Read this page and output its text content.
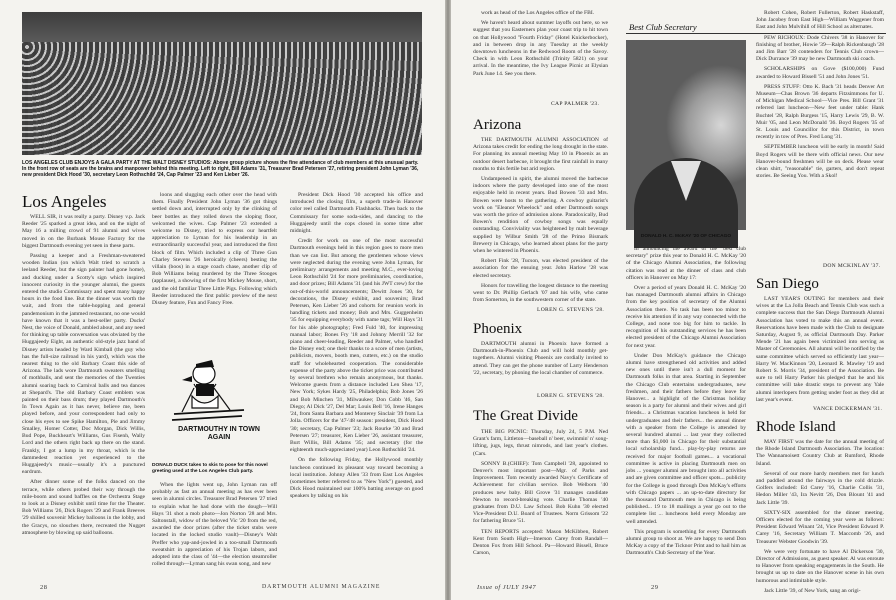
LOS ANGELES CLUB ENJOYS A GALA PARTY AT THE WALT DISNEY STUDIOS: Above group picture shows the fine attendance of club members at this unusual party. In the front row of seats are the brains and manpower behind this meeting. Left to right, Bill Adams '31, Treasurer Brad Petersen '27, retiring president John Lyman '36, new president Dick Hood '30, secretary Leon Rothschild '24, Cap Palmer '23 and Ken Lieber '26.
Los Angeles

WELL SIR, it was really a party. Disney v.p. Jack Reeder '25 sparked a great idea, and on the night of May 16 a milling crowd of 91 alumni and wives moved in on the Burbank Mouse Factory for the biggest Dartmouth evening yet seen in these parts.

Passing a keeper and a Freshman-sweatered wooden Indian (on which Walt tried to scratch a leeland Reeder, but the sign painter had gone home), and ducking under a Scotty's sign which inspired innocent curiosity in the younger alumni, the guests entered the studio Commissary and spent many happy hours in the food line. But the dinner was worth the wait, and from the table-hopping and general pandemonium in the jammed restaurant, no one would have known that it was a best-seller party. Ducks' Nest, the voice of Donald, ambled about, and any need for thinking up table conversation was obviated by the Huggajeedy Eight, an authentic old-style jazz band of Disney artists headed by Ward Kimball (the guy who has the full-size railroad in his yard), which was the nearest thing to the old Barbary Coast this side of Arizona. The lads wore Dartmouth sweaters smelling of mothballs, and sent the memories of the Twenties alumni soaring back to Carnival balls and tea dances at Shepard's. The old Barbary Coast emblem was painted on their bass drum; they played Dartmouth's In Town Again as it has never, believe me, been played before, and your correspondent had only to close his eyes to see Spike Hamilton, Pie and Jimmy Smalley, Homer Cotter, Doc Morgan, Dick Willis, Bud Pope, Buckheart's Williams, Gus Fisenh, Wally Lord and the others right back up there on the stand. Frankly, I got a lump in my throat, which is the dammedest reaction yet experienced to the Huggajeedy's music—usually it's a punctured eardrum.

After dinner some of the folks danced on the terrace, while others probed their way through the mile-boom and sound baffles on the Orchestra Stage to look at a Disney exhibit until time for the Theater. Bob Williams '26, Dick Rogers '29 and Frank Breeves '29 shilled souvenir Mickey balloons in the lobby, and the Gracys, no slouches there, recreated the Nugget atmosphere by blowing up said balloons.

loons and slugging each other over the head with them. Finally President John Lyman '36 got things settled down and, interrupted only by the clinking of beer bottles as they rolled down the sloping floor, welcomed the wives. Cap Palmer '23 extended a welcome to Disney, tried to express our heartfelt appreciation to Lyman for his leadership in an extraordinarily successful year, and introduced the first block of film. Which included a clip of Three Gun Charley Stevens '26 heroically (cheers) besting the villain (boos) in a stage coach chase, another clip of Bob Williams being murdered by the Three Stooges (applause), a showing of the first Mickey Mouse, short, and the old familiar Three Little Pigs. Following which Reeder introduced the first public preview of the next Disney feature, Fun and Fancy Free.

DARTMOUTHY IN TOWN AGAIN
DONALD DUCK takes to skis to pose for this novel greeting used at the Los Angeles Club party.

When the lights went up, John Lyman ran off probably as fast an annual meeting as has ever been seen in alumni circles. Treasurer Brad Petersen '27 tried to explain what he had done with the dough—Will Hays '31 shot a mob photo—Jon Norton '28 and Mrs. Saltonstall, widow of the beloved Vic '20 from the red, awarded the door prizes (after the ticket stubs were located in the locked studio vault)—Disney's Walt Preffer who yap-and-jowled in a too-small Dartmouth sweatshirt in appreciation of his Trojan labors, and adopted into the class of '44—the election steamroller rolled through—Lyman sang his swan song, and new

President Dick Hood '30 accepted his office and introduced the closing film, a superb trade-in Hanover color reel called Dartmouth Flashbacks. Then back to the Commissary for some soda-sides, and dancing to the Huggajeedy until the cops closed in some time after midnight.

Credit for work on one of the most successful Dartmouth evenings held in this region goes to more men than we can list. But among the gentlemen whose views were neglected during the evening were John Lyman, for preliminary arrangements and meeting M.C., ever-loving Leon Rothschild '24 for more preliminaries, coordination, and door prizes; Bill Adams '31 (and his JWT crew) for the out-of-this-world announcements; Dewitt Jones '30, for decorations, the Disney exhibit, and souvenirs; Brad Petersen, Ken Lieber '26 and cohorts for reunion work in handling tickets and money; Bob and Mrs. Guggenheim '35 for equipping everybody with name tags; Will Hays '31 for his able photography; Fred Fuld '40, for impressing manual labor; Bones Fry '18 and Johnny Merrill '32 for piano and cheer-leading, Reeder and Palmer, who handled the Disney end; one their thanks to a score of men (artists, publicists, movers, booth men, cutters, etc.) on the studio staff for wholehearted cooperation. The considerable expense of the party above the ticket price was contributed by several brethren who remain anonymous, but thanks. Welcome guests from a distance included Len Shea '17, New York; Sykes Hardy '25, Philadelphia; Bob Jones '26 and Bob Minchen '31, Milwaukee; Don Cobb '46, San Diego; Al Dick '27, Del Mar; Louis Bell '16, Irene Hanges '24, from Santa Barbara and Monterey Sinclair '39 from La Jolla. Officers for the '47-'48 season: president, Dick Hood '30; secretary, Cap Palmer '23; Jack Rourke '30 and Brad Petersen '27; treasurer, Ken Lieber '26, assistant treasurer, Burt Willis, Bill Adams '35; and secretary (for the eighteenth much-appreciated year) Leon Rothschild '24.

On the following Friday, the Hollywood monthly luncheon continued its pleasant way toward becoming a local institution. Johnny Allen '33 from East Los Angeles (sometimes better referred to as "New York") guested, and Dick Hood maintained our 100% batting average on good speakers by talking on his

28	DARTMOUTH ALUMNI MAGAZINE

work as head of the Los Angeles office of the FBI.

We haven't heard about summer layoffs out here, so we suggest that you Easterners plan your coast trip to hit town on that Hollywood "Fourth Friday" (Hotel Knickerbocker), and in between drop in any Tuesday at the weekly downtown luncheons in the Redwood Room of the Savoy. Check in with Leon Rothschild (Trinity 5821) on your arrival. In the meantime, the Ivy League Picnic at Elysian Park June 14. See you there.

CAP PALMER '23.
Arizona

THE DARTMOUTH ALUMNI ASSOCIATION of Arizona takes credit for ending the long drought in the state. For planning its annual meeting May 10 in Phoenix as an outdoor desert barbecue, it brought the first rainfall in many months to this fertile but arid region.

Undampened in spirit, the alumni moved the barbecue indoors where the party developed into one of the most enjoyable held in recent years. Bud Bowen '33 and Mrs. Bowen were hosts to the gathering. A cowboy guitarist's work on "Eleanor Wheelock" and other Dartmouth songs was worth the price of admission alone. Paradoxically, Bud Bowen's rendition of cowboy songs was equally outstanding. Conviviality was heightened by malt beverage supplied by Wilbur Smith '28 of the Primo Bismark Brewery in Chicago, who learned about plans for the party when he wintered in Phoenix.

Robert Fink '28, Tucson, was elected president of the association for the ensuing year. John Harlow '28 was elected secretary.

Honors for travelling the longest distance to the meeting went to Dr. Phillip Gerlach '07 and his wife, who came from Somerton, in the southwestern corner of the state.

LOREN G. STEVENS '28.
Phoenix

DARTMOUTH alumni in Phoenix have formed a Dartmouth-in-Phoenix Club and will hold monthly get-togethers. Alumni visiting Phoenix are cordially invited to attend. They can get the phone number of Larry Henderson '22, secretary, by phoning the local chamber of commerce.

LOREN G. STEVENS '28.
The Great Divide

THE BIG PICNIC: Thursday, July 24, 5 P.M. Ned Grant's farm, Littleton—baseball n' beer, swimmin' n' song-lifting, jugs, legs, thrust nimrods, and last year's clothes. (Cars.

SONNY B.(CHIEF): Tom Campbell '28, appointed to Denver's most important post—Mgr. of Parks and Improvement. Tom recently awarded Navy's Certificate of Achievement for civilian service. Bob Welborn '40 produces new baby. Bill Grove '31 manages candidate Newton to record-breaking vote. Charlie Thomas '40 graduates from D.U. Law School. Bob Kuhn '30 elected Vice-President D.U. Board of Trustees. Norm Grissom '22 for fathering Bruce '51.

TEN REPORTS accepted: Mason McKibben, Robert Kent from South High—Imerson Carey from Randall—Denton Fox from Hill School. Pa—Howard Bissell, Bruce Carson,

Best Club Secretary
DONALD H. C. McKAY '20 OF CHICAGO

In announcing the award of the "best club secretary" prize this year to Donald H. C. McKay '20 of the Chicago Alumni Association, the following citation was read at the dinner of class and club officers in Hanover on May 17:

Over a period of years Donald H. C. McKay '20 has managed Dartmouth alumni affairs in Chicago from the key position of secretary of the Alumni Association there. No task has been too minor to receive his attention if in any way connected with the College, and none too big for him to tackle. In recognition of his outstanding services he has been elected president of the Chicago Alumni Association for next year.

Under Don McKay's guidance the Chicago alumni have strengthened old activities and added new ones until there isn't a dull moment for Dartmouth folks in that area. Starting in September the Chicago Club entertains undergraduates, new freshmen, and their fathers before they leave for Hanover... a highlight of the Christmas holiday season is a party for alumni and their wives and girl friends... a Christmas vacation luncheon is held for undergraduates and their fathers... the annual dinner with a speaker from the College is attended by several hundred alumni ... last year they collected more than $1,000 in Chicago for their substantial local scholarship fund... play-by-play returns are received for major football games... a vocational committee is active in placing Dartmouth men on jobs ... younger alumni are brought into all activities and are given committee and officer spots... publicity for the College is good through Don McKay's efforts with Chicago papers ... an up-to-date directory for the thousand Dartmouth men in Chicago is being published... 19 to 18 mailings a year go out to the complete list ... luncheons held every Monday are well attended.

This program is something for every Dartmouth alumni group to shoot at. We are happy to send Don McKay a copy of the Ticknor Print and to hail him as Dartmouth's Club Secretary of the Year.

Robert Cohen, Robert Fullerton, Robert Haskstaff, John Jacobey from East High—William Waggener from East and John Mulvihill of Hill School as alternates.

PEW RICHOUX: Dode Chivers '38 in Hanover for finishing of brother, Howie '39—Ralph Rickenbaugh '28 and Jim Barr '28 contenders for Tennis Club crown—Dick Durrance '39 may be new Dartmouth ski coach.

SCHOLARSHIPS on Gove ($100,000) Fund awarded to Howard Bissell '51 and John Jones '51.

PRESS STUFF: Otto K. Bach '31 heads Denver Art Museum—Chas Brown '36 departs Fitzsimmons for U. of Michigan Medical School—Vice Pres. Bill Grant '31 referred last luncheon—New feet under table: Hank Buchtel '28, Ralph Burgess '15, Harry Lewis '29, B. W. Muir '05, and Leon McDonald '36. Boyd Rogers '35 of St. Louis and Councillor for this District, in town recently in tow of Pres. Fred Long '31.

SEPTEMBER luncheon will be early in month! Said Boyd Rogers will be there with official news. Our new Hanover-bound freshmen will be on deck. Please wear clean shirt, "reasonable" tie, garters, and don't repeat stories. Be Seeing You. With a Skol!

DON MCKINLAY '37.
San Diego

LAST YEAR'S OUTING for members and their wives at the La Jolla Beach and Tennis Club was such a complete success that the San Diego Dartmouth Alumni Association has voted to make this an annual event. Reservations have been made with the Club to designate Saturday, August 9, as official Dartmouth Day. Parker Mende '21 has again been victimized into serving as Master of Ceremonies. All alumni will be notified by the same committee which served so efficiently last year—Harry W. MacKinnon '20, Leonard R. Mawley '19 and Robert S. Morris '34, president of the Association. Be sure to tell Harry Parker his pledged that he and his committee will take drastic steps to prevent any Yale alumni interlopers from getting under foot as they did at last year's event.

VANCE DICKERMAN '31.
Rhode Island

MAY FIRST was the date for the annual meeting of the Rhode Island Dartmouth Association. The location: The Wannamoisett Country Club at Rumford, Rhode Island.

Several of our more hardy members met for lunch and paddled around the fairways in the cold drizzle. Golfers included: Ed Carey '16, Charlie Collis '31, Hedon Miller '43, Ira Nevitt '26, Don Blount '41 and Jack Little '39.

SIXTY-SIX assembled for the dinner meeting. Officers elected for the coming year were as follows: President Edward Winant '24, Vice President Edward P. Carey '16, Secretary William T. Maccomb '26, and Treasurer Webster Goodwin '39.

We were very fortunate to have Al Dickerson '30, Director of Admissions, as guest speaker. Al was enroute to Hanover from speaking engagements in the South. He brought us up to date on the Hanover scene in his own humorous and intimitable style.

Jack Little '39, of New York, sang an origi-

Issue of JULY 1947	29
